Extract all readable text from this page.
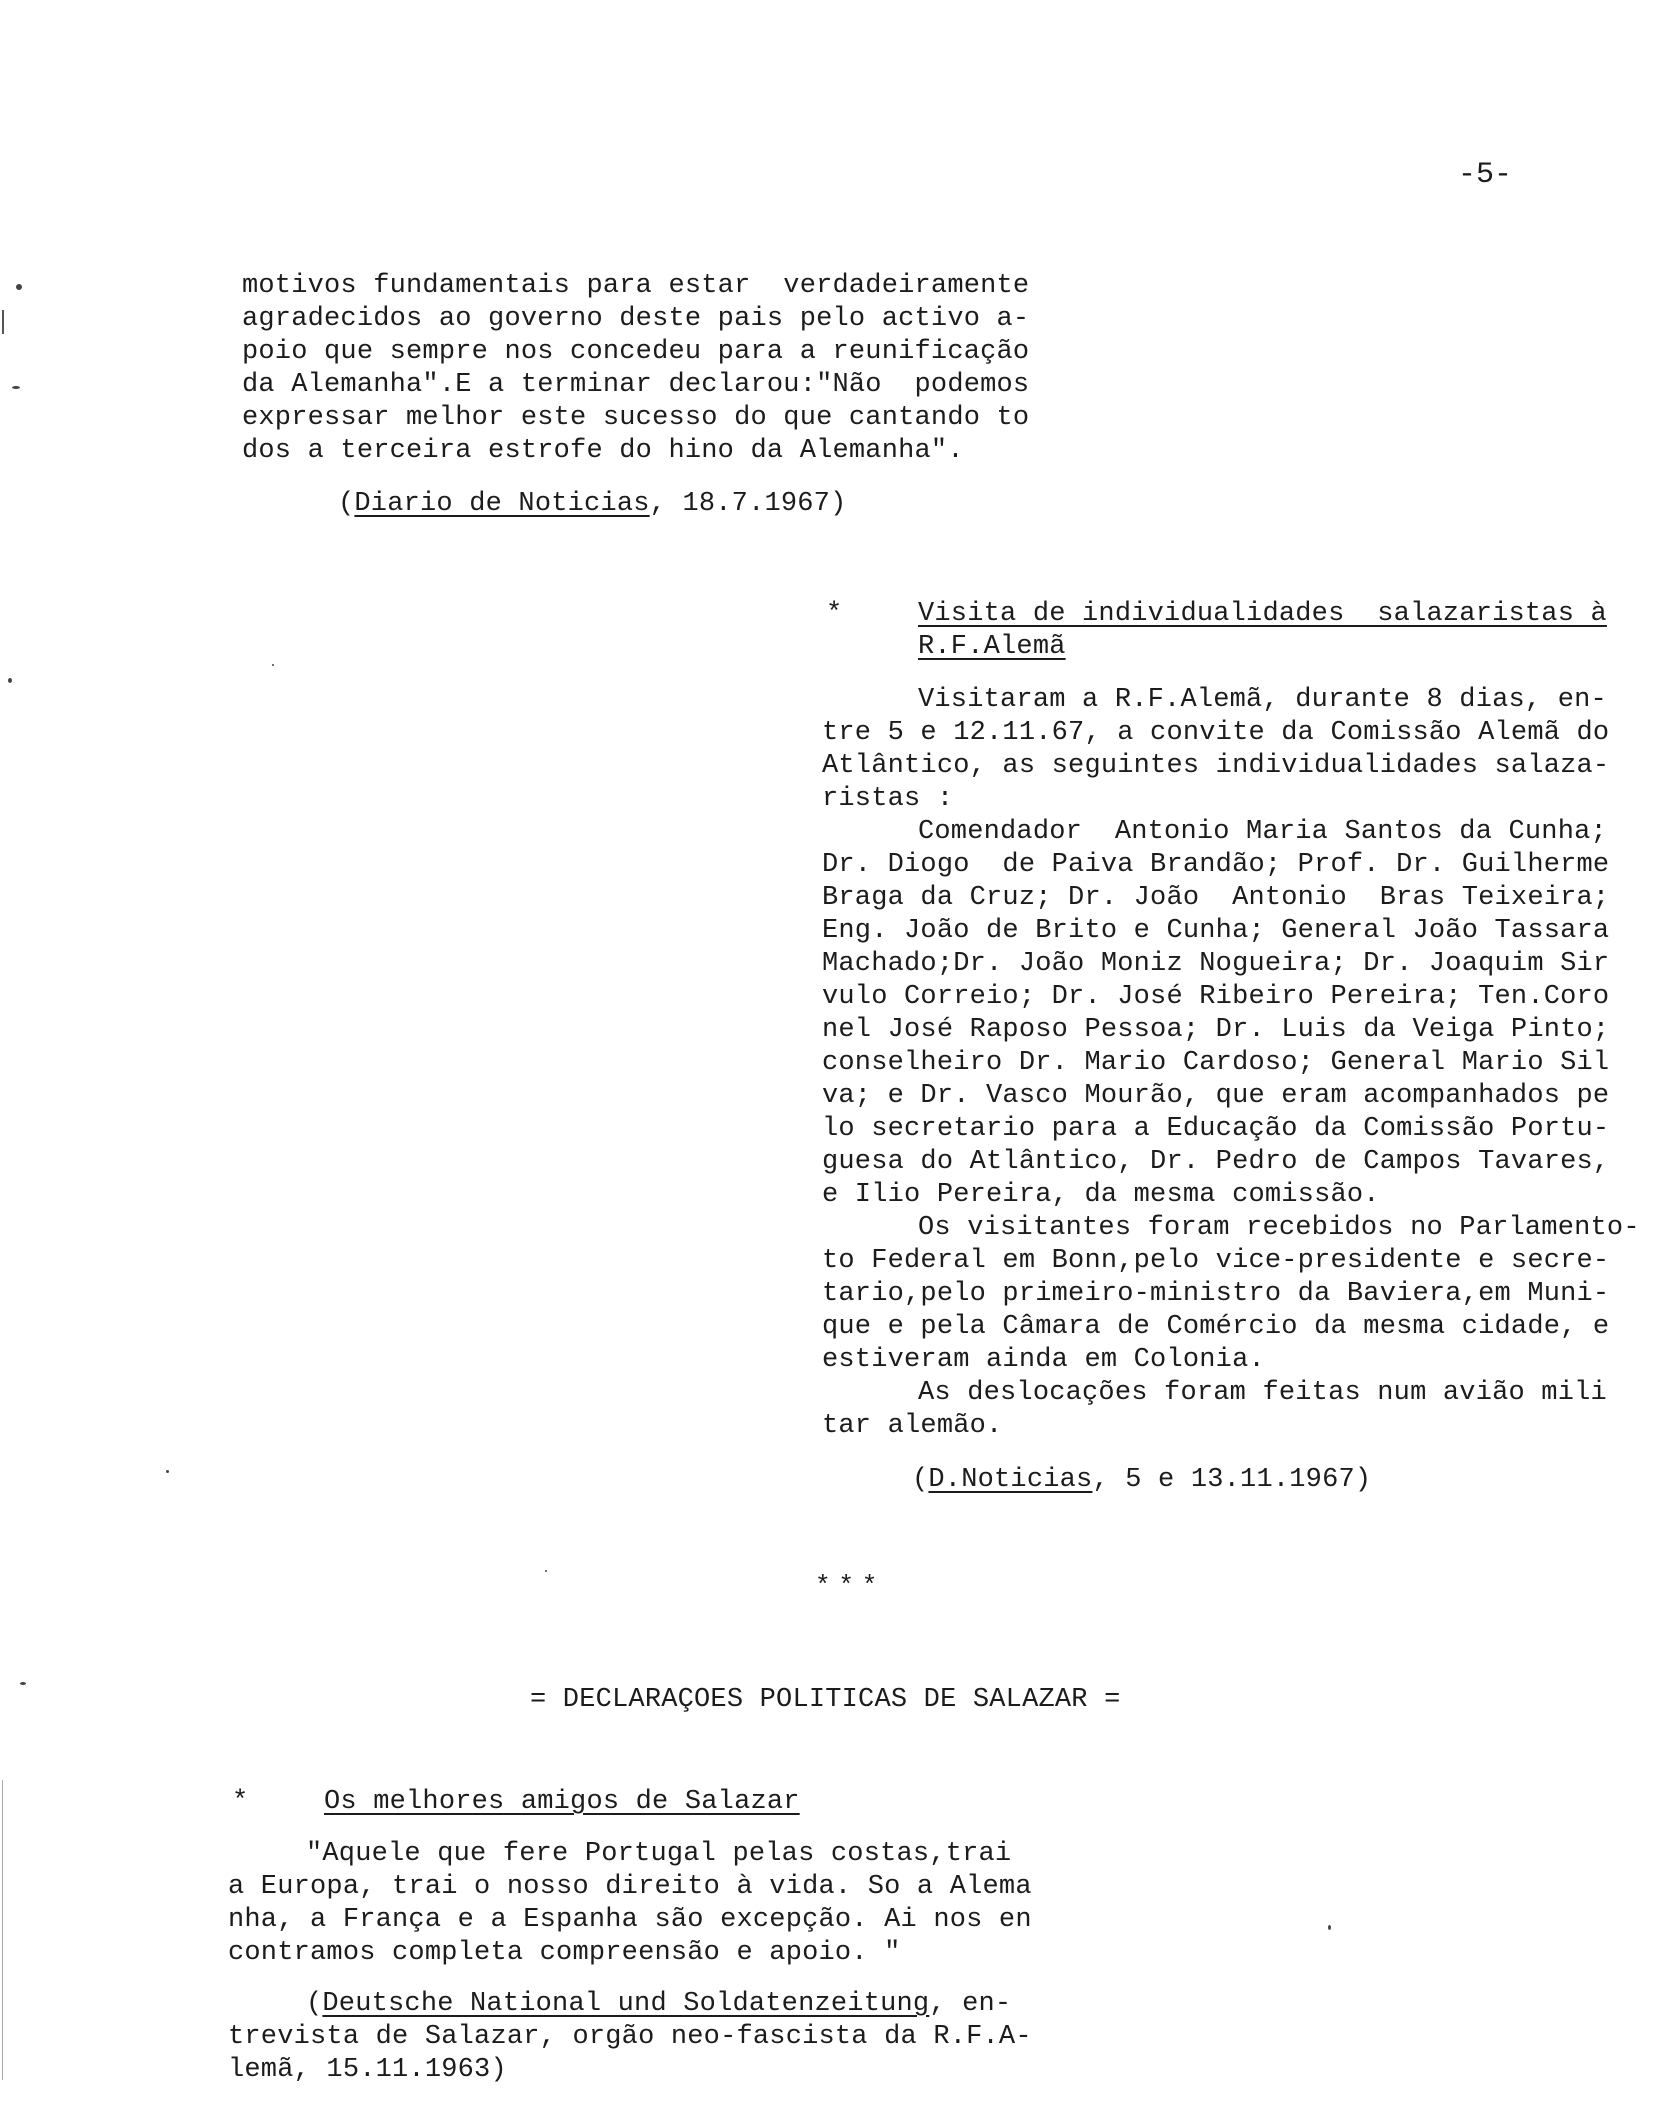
-5-
motivos fundamentais para estar  verdadeiramente
agradecidos ao governo deste pais pelo activo a-
poio que sempre nos concedeu para a reunificação
da Alemanha".E a terminar declarou:"Não  podemos
expressar melhor este sucesso do que cantando to
dos a terceira estrofe do hino da Alemanha".
(Diario de Noticias, 18.7.1967)
*	Visita de individualidades  salazaristas à
R.F.Alemã
Visitaram a R.F.Alemã, durante 8 dias, en-
tre 5 e 12.11.67, a convite da Comissão Alemã do
Atlântico, as seguintes individualidades salaza-
ristas :
Comendador  Antonio Maria Santos da Cunha;
Dr. Diogo  de Paiva Brandão; Prof. Dr. Guilherme
Braga da Cruz; Dr. João  Antonio  Bras Teixeira;
Eng. João de Brito e Cunha; General João Tassara
Machado;Dr. João Moniz Nogueira; Dr. Joaquim Sir
vulo Correio; Dr. José Ribeiro Pereira; Ten.Coro
nel José Raposo Pessoa; Dr. Luis da Veiga Pinto;
conselheiro Dr. Mario Cardoso; General Mario Sil
va; e Dr. Vasco Mourão, que eram acompanhados pe
lo secretario para a Educação da Comissão Portu-
guesa do Atlântico, Dr. Pedro de Campos Tavares,
e Ilio Pereira, da mesma comissão.
Os visitantes foram recebidos no Parlamento-
to Federal em Bonn,pelo vice-presidente e secre-
tario,pelo primeiro-ministro da Baviera,em Muni-
que e pela Câmara de Comércio da mesma cidade, e
estiveram ainda em Colonia.
As deslocações foram feitas num avião mili
tar alemão.
(D.Noticias, 5 e 13.11.1967)
* * *
= DECLARAÇOES POLITICAS DE SALAZAR =
*	Os melhores amigos de Salazar
"Aquele que fere Portugal pelas costas,trai
a Europa, trai o nosso direito à vida. So a Alema
nha, a França e a Espanha são excepção. Ai nos en
contramos completa compreensão e apoio. "
(Deutsche National und Soldatenzeitung, en-
trevista de Salazar, orgão neo-fascista da R.F.A-
lemã, 15.11.1963)
